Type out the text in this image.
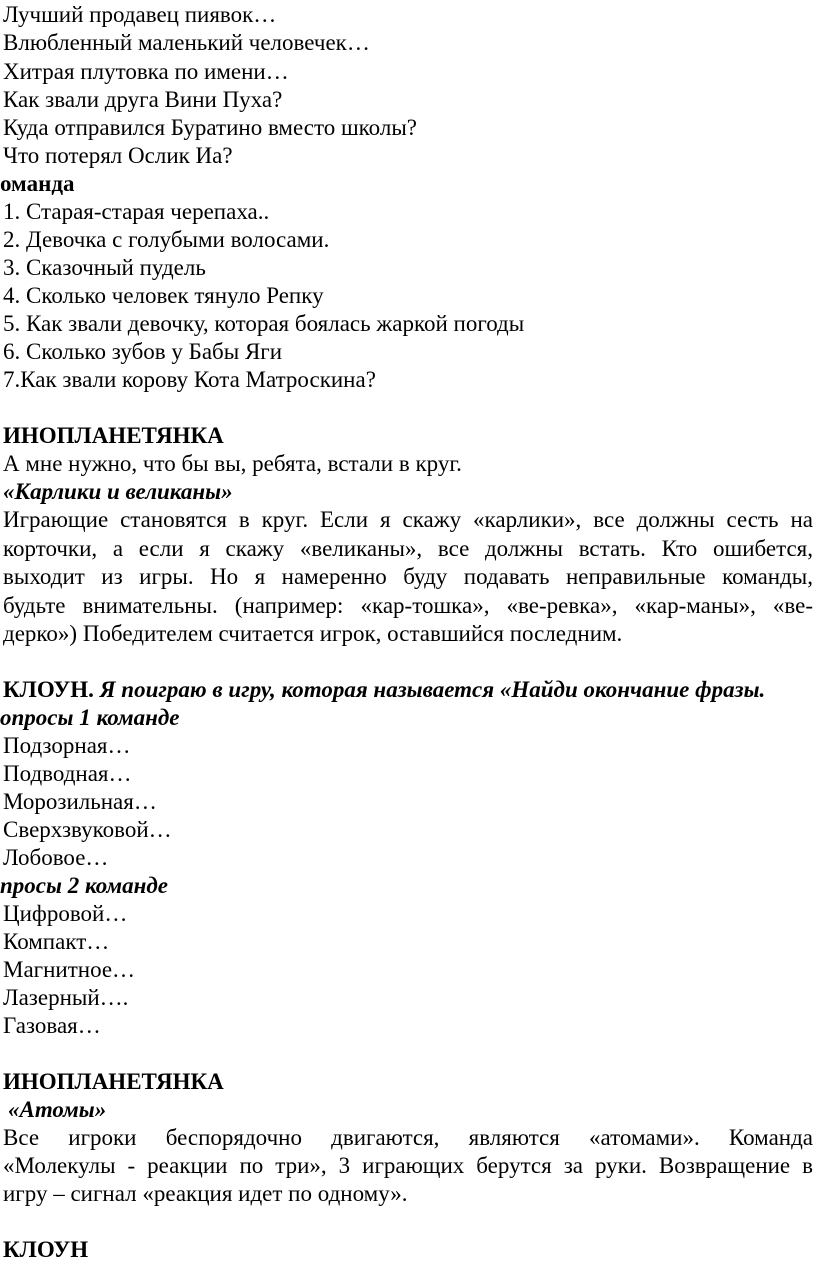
Лучший продавец пиявок…
Влюбленный маленький человечек…
Хитрая плутовка по имени…
Как звали друга Вини Пуха?
Куда отправился Буратино вместо школы?
Что потерял Ослик Иа?
оманда
1. Старая-старая черепаха..
2. Девочка с голубыми волосами.
3. Сказочный пудель
4. Сколько человек тянуло Репку
5. Как звали девочку, которая боялась жаркой погоды
6. Сколько зубов у Бабы Яги
7.Как звали корову Кота Матроскина?
ИНОПЛАНЕТЯНКА
А мне нужно, что бы вы, ребята, встали в круг.
«Карлики и великаны»
Играющие становятся в круг. Если я скажу «карлики», все должны сесть на
корточки, а если я скажу «великаны», все должны встать. Кто ошибется,
выходит из игры. Но я намеренно буду подавать неправильные команды,
будьте внимательны. (например: «кар-тошка», «ве-ревка», «кар-маны», «ве-
дерко») Победителем считается игрок, оставшийся последним.
КЛОУН. Я поиграю в игру, которая называется «Найди окончание фразы.
опросы 1 команде
Подзорная…
Подводная…
Морозильная…
Сверхзвуковой…
Лобовое…
просы 2 команде
Цифровой…
Компакт…
Магнитное…
Лазерный….
Газовая…
ИНОПЛАНЕТЯНКА
«Атомы»
Все игроки беспорядочно двигаются, являются «атомами». Команда
«Молекулы - реакции по три», 3 играющих берутся за руки. Возвращение в
игру – сигнал «реакция идет по одному».
КЛОУН
